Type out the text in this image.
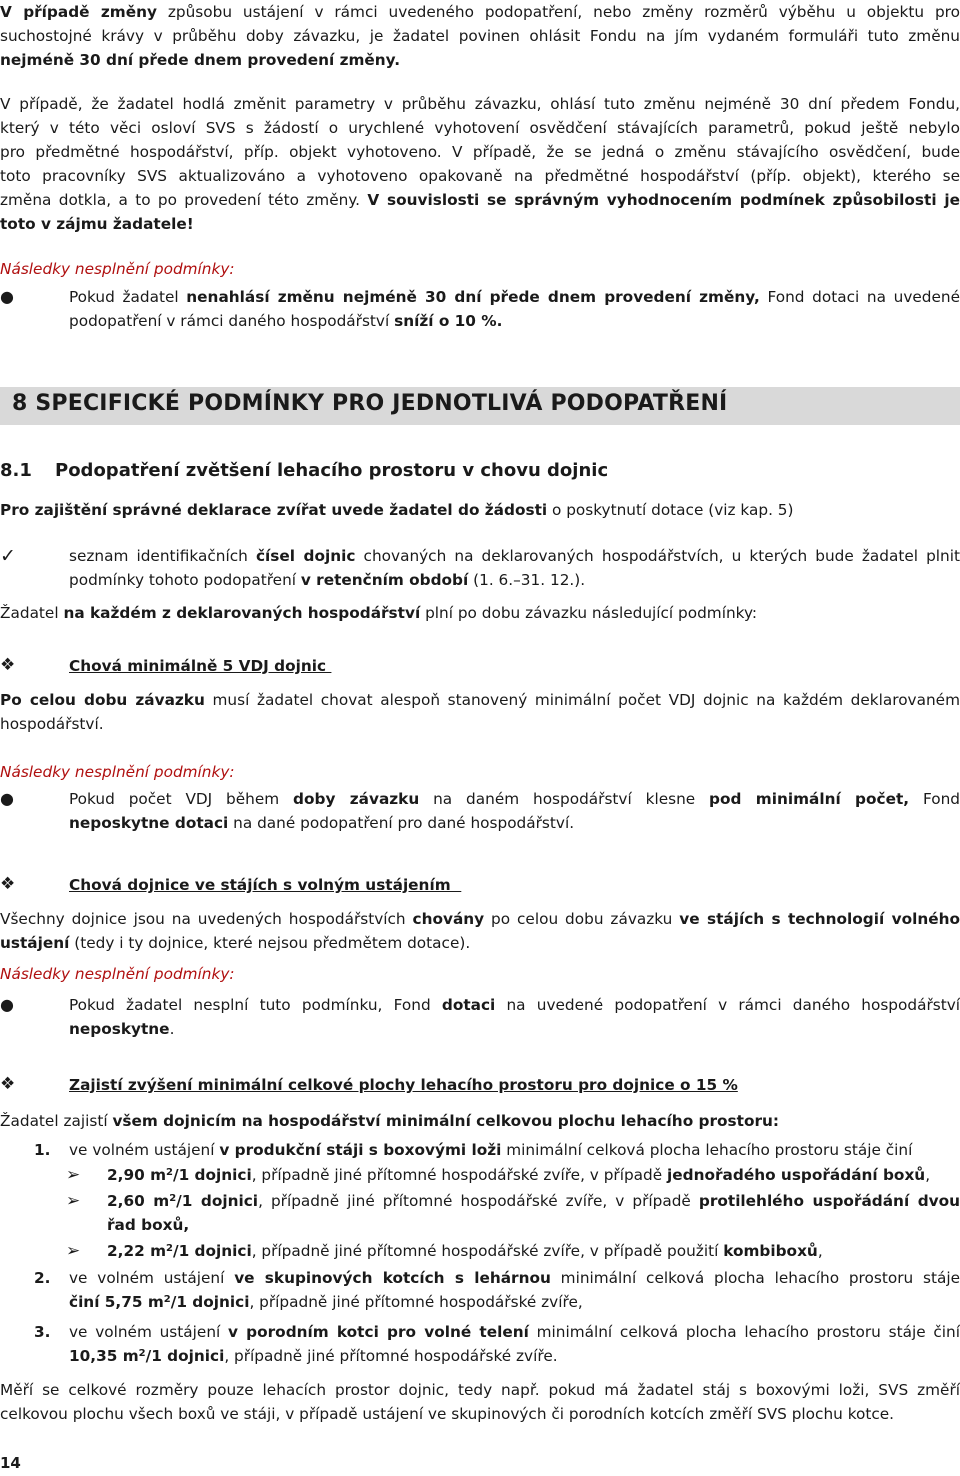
V případě změny způsobu ustájení v rámci uvedeného podopatření, nebo změny rozměrů výběhu u objektu pro
suchostojné krávy v průběhu doby závazku, je žadatel povinen ohlásit Fondu na jím vydaném formuláři tuto změnu
nejméně 30 dní přede dnem provedení změny.
V případě, že žadatel hodlá změnit parametry v průběhu závazku, ohlásí tuto změnu nejméně 30 dní předem Fondu,
který v této věci osloví SVS s žádostí o urychlené vyhotovení osvědčení stávajících parametrů, pokud ještě nebylo
pro předmětné hospodářství, příp. objekt vyhotoveno. V případě, že se jedná o změnu stávajícího osvědčení, bude
toto pracovníky SVS aktualizováno a vyhotoveno opakovaně na předmětné hospodářství (příp. objekt), kterého se
změna dotkla, a to po provedení této změny. V souvislosti se správným vyhodnocením podmínek způsobilosti je
toto v zájmu žadatele!
Následky nesplnění podmínky:
●	Pokud žadatel nenahlásí změnu nejméně 30 dní přede dnem provedení změny, Fond dotaci na uvedené
podopatření v rámci daného hospodářství sníží o 10 %.
8 SPECIFICKÉ PODMÍNKY PRO JEDNOTLIVÁ PODOPATŘENÍ
8.1 Podopatření zvětšení lehacího prostoru v chovu dojnic
Pro zajištění správné deklarace zvířat uvede žadatel do žádosti o poskytnutí dotace (viz kap. 5)
✓	seznam identifikačních čísel dojnic chovaných na deklarovaných hospodářstvích, u kterých bude žadatel plnit
podmínky tohoto podopatření v retenčním období (1. 6.–31. 12.).
Žadatel na každém z deklarovaných hospodářství plní po dobu závazku následující podmínky:
❖	Chová minimálně 5 VDJ dojnic
Po celou dobu závazku musí žadatel chovat alespoň stanovený minimální počet VDJ dojnic na každém deklarovaném
hospodářství.
Následky nesplnění podmínky:
●	Pokud počet VDJ během doby závazku na daném hospodářství klesne pod minimální počet, Fond
neposkytne dotaci na dané podopatření pro dané hospodářství.
❖	Chová dojnice ve stájích s volným ustájením
Všechny dojnice jsou na uvedených hospodářstvích chovány po celou dobu závazku ve stájích s technologií volného
ustájení (tedy i ty dojnice, které nejsou předmětem dotace).
Následky nesplnění podmínky:
●	Pokud žadatel nesplní tuto podmínku, Fond dotaci na uvedené podopatření v rámci daného hospodářství
neposkytne.
❖	Zajistí zvýšení minimální celkové plochy lehacího prostoru pro dojnice o 15 %
Žadatel zajistí všem dojnicím na hospodářství minimální celkovou plochu lehacího prostoru:
1. ve volném ustájení v produkční stáji s boxovými loži minimální celková plocha lehacího prostoru stáje činí
➢ 2,90 $m^2/1$ dojnici, případně jiné přítomné hospodářské zvíře, v případě jednořadého uspořádání boxů,
➢ 2,60 $m^2/1$ dojnici, případně jiné přítomné hospodářské zvíře, v případě protilehlého uspořádání dvou
řad boxů,
➢ 2,22 $m^2/1$ dojnici, případně jiné přítomné hospodářské zvíře, v případě použití kombiboxů,
2. ve volném ustájení ve skupinových kotcích s lehárnou minimální celková plocha lehacího prostoru stáje
činí 5,75 $m^2/1$ dojnici, případně jiné přítomné hospodářské zvíře,
3. ve volném ustájení v porodním kotci pro volné telení minimální celková plocha lehacího prostoru stáje činí
10,35 $m^2/1$ dojnici, případně jiné přítomné hospodářské zvíře.
Měří se celkové rozměry pouze lehacích prostor dojnic, tedy např. pokud má žadatel stáj s boxovými loži, SVS změří
celkovou plochu všech boxů ve stáji, v případě ustájení ve skupinových či porodních kotcích změří SVS plochu kotce.
14
